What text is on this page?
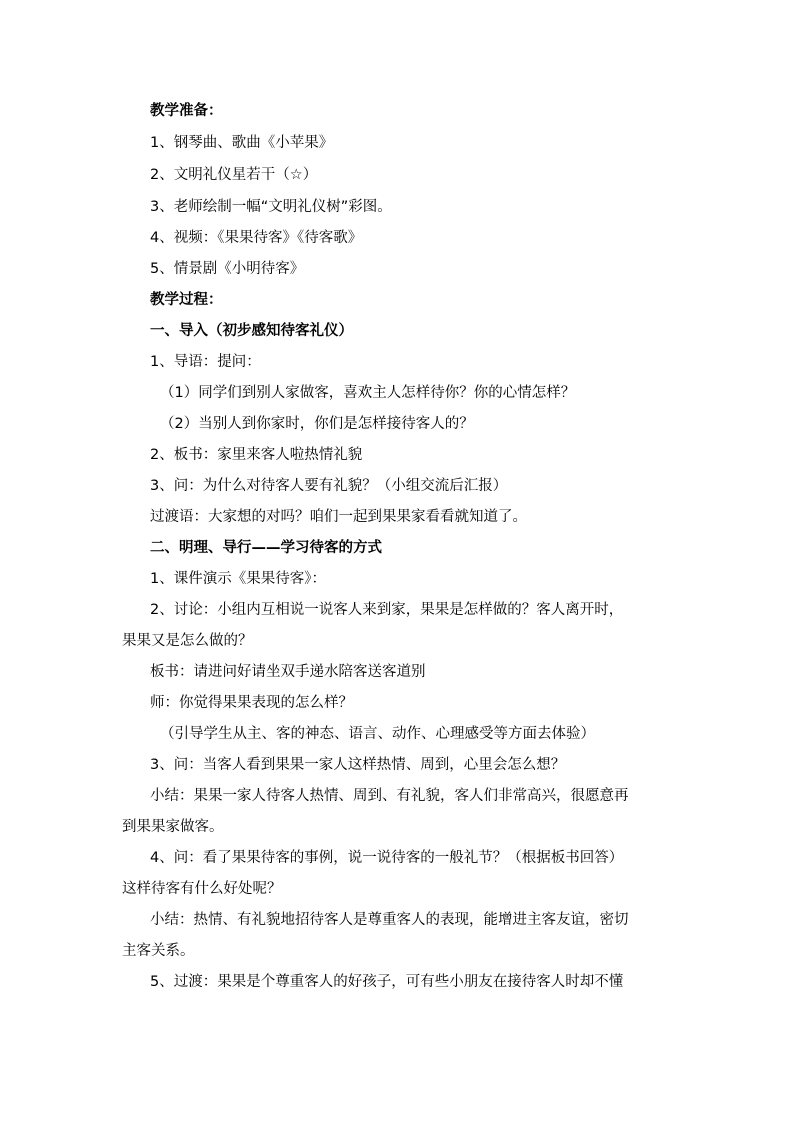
教学准备：
1、钢琴曲、歌曲《小苹果》
2、文明礼仪星若干（☆）
3、老师绘制一幅“文明礼仪树”彩图。
4、视频：《果果待客》《待客歌》
5、情景剧《小明待客》
教学过程：
一、导入（初步感知待客礼仪）
1、导语：提问：
（1）同学们到别人家做客，喜欢主人怎样待你？你的心情怎样？
（2）当别人到你家时，你们是怎样接待客人的？
2、板书：家里来客人啦热情礼貌
3、问：为什么对待客人要有礼貌？（小组交流后汇报）
过渡语：大家想的对吗？咱们一起到果果家看看就知道了。
二、明理、导行——学习待客的方式
1、课件演示《果果待客》：
2、讨论：小组内互相说一说客人来到家，果果是怎样做的？客人离开时，
果果又是怎么做的？
板书：请进问好请坐双手递水陪客送客道别
师：你觉得果果表现的怎么样？
（引导学生从主、客的神态、语言、动作、心理感受等方面去体验）
3、问：当客人看到果果一家人这样热情、周到，心里会怎么想？
小结：果果一家人待客人热情、周到、有礼貌，客人们非常高兴，很愿意再
到果果家做客。
4、问：看了果果待客的事例，说一说待客的一般礼节？（根据板书回答）
这样待客有什么好处呢？
小结：热情、有礼貌地招待客人是尊重客人的表现，能增进主客友谊，密切
主客关系。
5、过渡：果果是个尊重客人的好孩子，可有些小朋友在接待客人时却不懂
